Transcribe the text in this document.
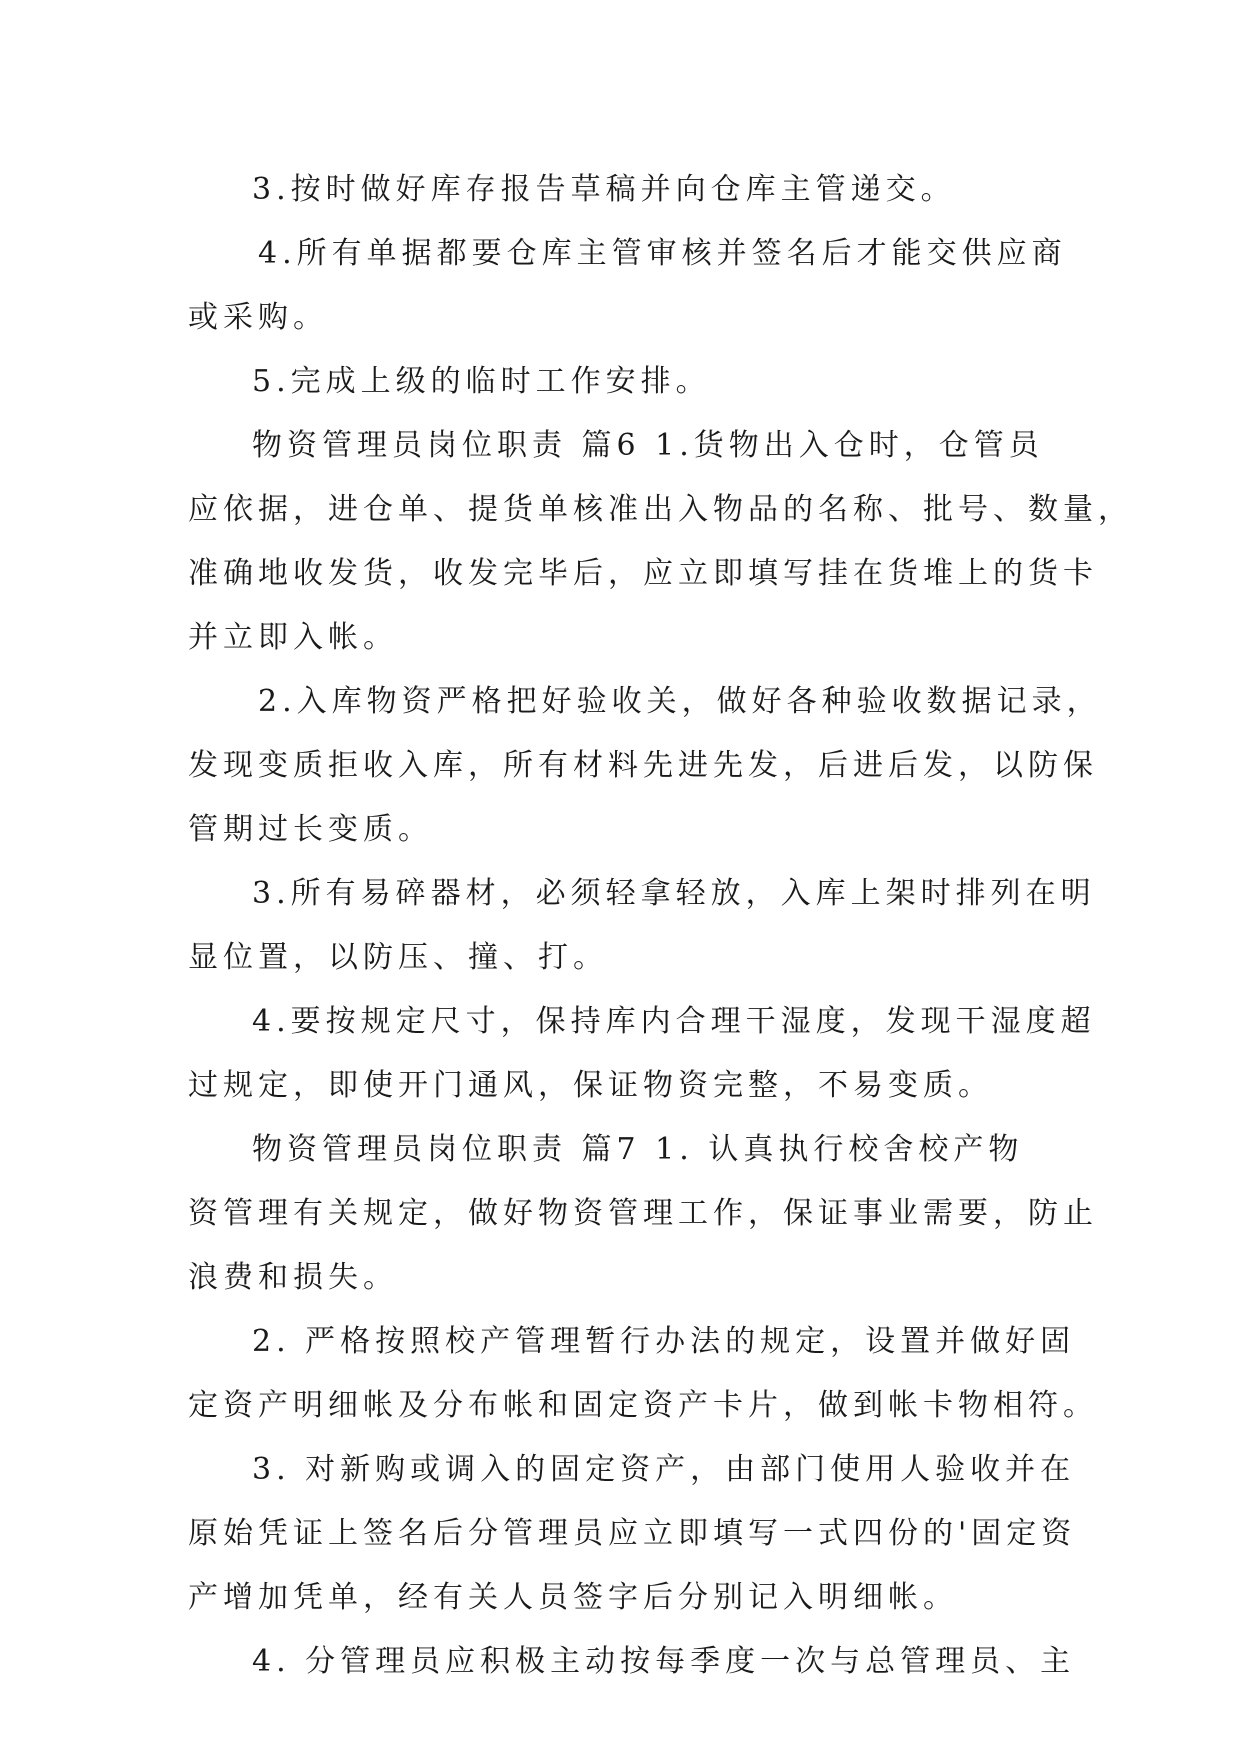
3.按时做好库存报告草稿并向仓库主管递交。
4.所有单据都要仓库主管审核并签名后才能交供应商
或采购。
5.完成上级的临时工作安排。
物资管理员岗位职责 篇6 1.货物出入仓时，仓管员
应依据，进仓单、提货单核准出入物品的名称、批号、数量，
准确地收发货，收发完毕后，应立即填写挂在货堆上的货卡
并立即入帐。
2.入库物资严格把好验收关，做好各种验收数据记录，
发现变质拒收入库，所有材料先进先发，后进后发，以防保
管期过长变质。
3.所有易碎器材，必须轻拿轻放，入库上架时排列在明
显位置，以防压、撞、打。
4.要按规定尺寸，保持库内合理干湿度，发现干湿度超
过规定，即使开门通风，保证物资完整，不易变质。
物资管理员岗位职责 篇7 1. 认真执行校舍校产物
资管理有关规定，做好物资管理工作，保证事业需要，防止
浪费和损失。
2. 严格按照校产管理暂行办法的规定，设置并做好固
定资产明细帐及分布帐和固定资产卡片，做到帐卡物相符。
3. 对新购或调入的固定资产，由部门使用人验收并在
原始凭证上签名后分管理员应立即填写一式四份的'固定资
产增加凭单，经有关人员签字后分别记入明细帐。
4. 分管理员应积极主动按每季度一次与总管理员、主
